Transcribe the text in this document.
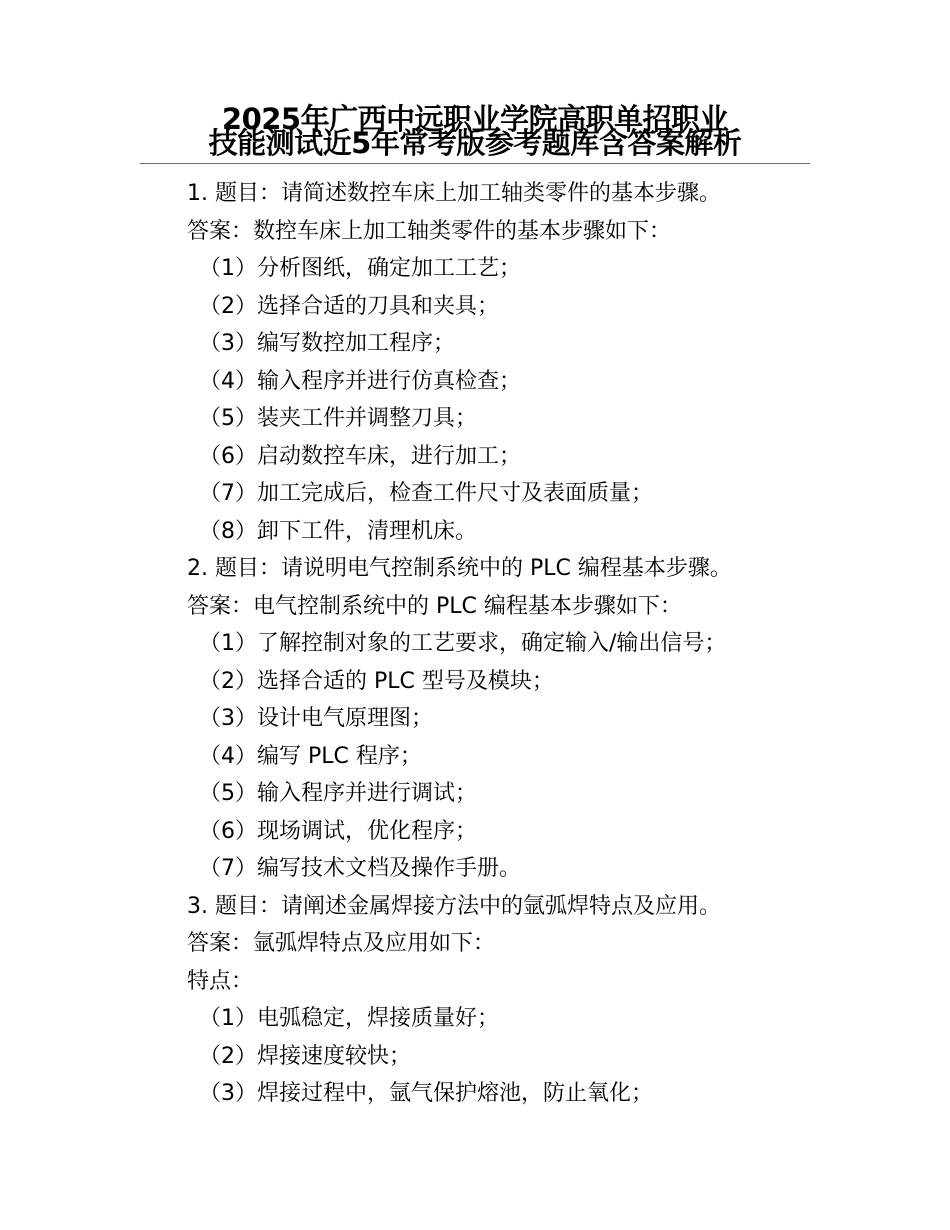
2025年广西中远职业学院高职单招职业
技能测试近5年常考版参考题库含答案解析
1. 题目：请简述数控车床上加工轴类零件的基本步骤。
答案：数控车床上加工轴类零件的基本步骤如下：
（1）分析图纸，确定加工工艺；
（2）选择合适的刀具和夹具；
（3）编写数控加工程序；
（4）输入程序并进行仿真检查；
（5）装夹工件并调整刀具；
（6）启动数控车床，进行加工；
（7）加工完成后，检查工件尺寸及表面质量；
（8）卸下工件，清理机床。
2. 题目：请说明电气控制系统中的 PLC 编程基本步骤。
答案：电气控制系统中的 PLC 编程基本步骤如下：
（1）了解控制对象的工艺要求，确定输入/输出信号；
（2）选择合适的 PLC 型号及模块；
（3）设计电气原理图；
（4）编写 PLC 程序；
（5）输入程序并进行调试；
（6）现场调试，优化程序；
（7）编写技术文档及操作手册。
3. 题目：请阐述金属焊接方法中的氩弧焊特点及应用。
答案：氩弧焊特点及应用如下：
特点：
（1）电弧稳定，焊接质量好；
（2）焊接速度较快；
（3）焊接过程中，氩气保护熔池，防止氧化；
